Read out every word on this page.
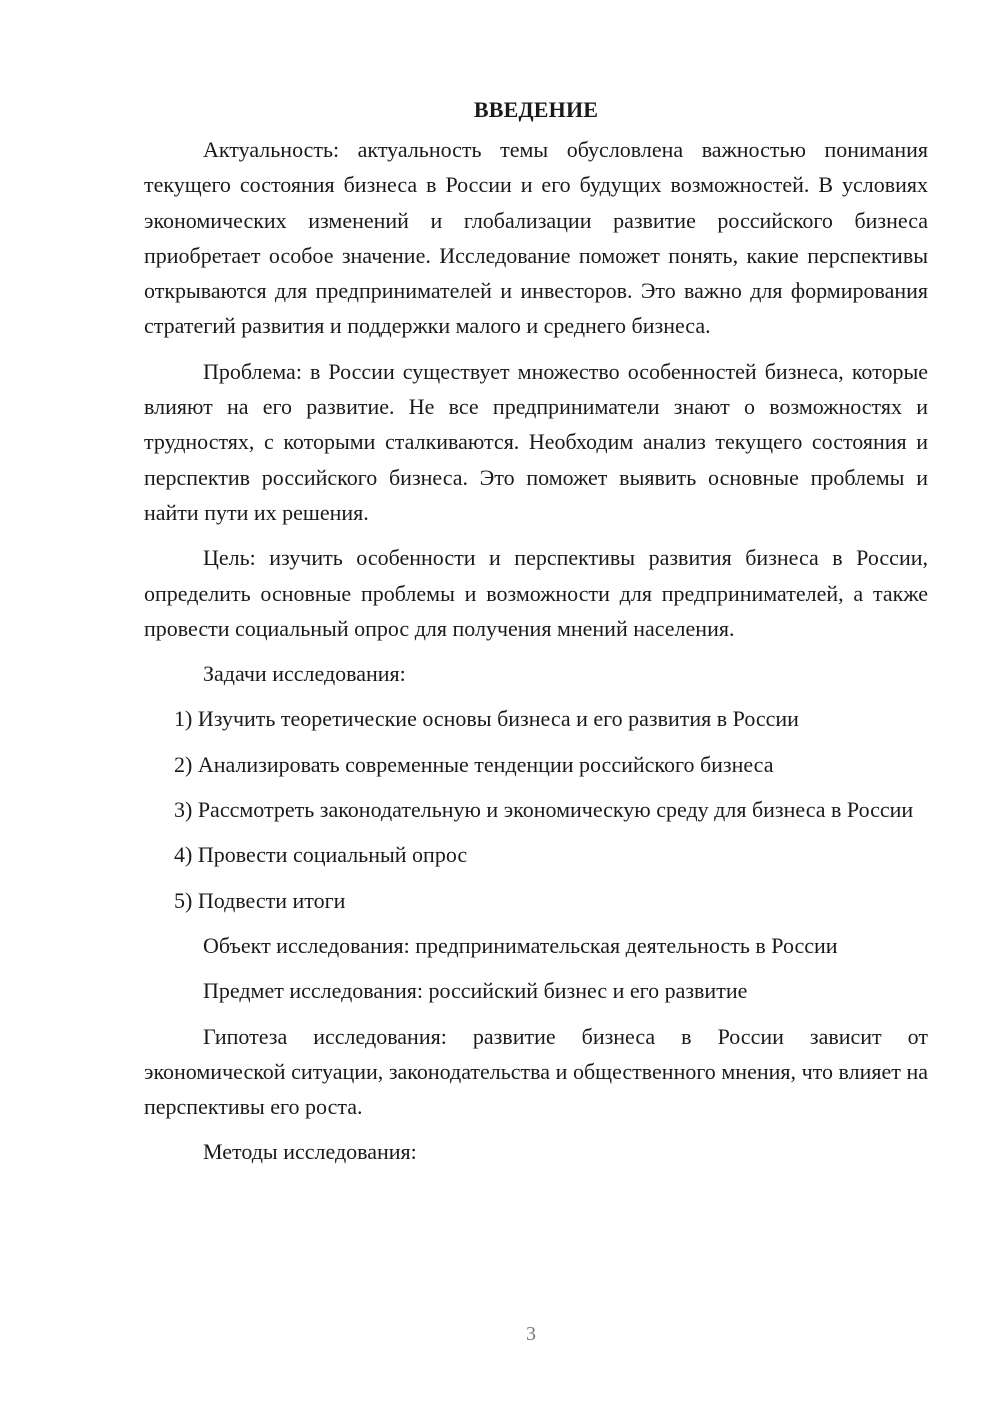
ВВЕДЕНИЕ

Актуальность: актуальность темы обусловлена важностью понимания текущего состояния бизнеса в России и его будущих возможностей. В условиях экономических изменений и глобализации развитие российского бизнеса приобретает особое значение. Исследование поможет понять, какие перспективы открываются для предпринимателей и инвесторов. Это важно для формирования стратегий развития и поддержки малого и среднего бизнеса.

Проблема: в России существует множество особенностей бизнеса, которые влияют на его развитие. Не все предприниматели знают о возможностях и трудностях, с которыми сталкиваются. Необходим анализ текущего состояния и перспектив российского бизнеса. Это поможет выявить основные проблемы и найти пути их решения.

Цель: изучить особенности и перспективы развития бизнеса в России, определить основные проблемы и возможности для предпринимателей, а также провести социальный опрос для получения мнений населения.

Задачи исследования:

1) Изучить теоретические основы бизнеса и его развития в России

2) Анализировать современные тенденции российского бизнеса

3) Рассмотреть законодательную и экономическую среду для бизнеса в России

4) Провести социальный опрос

5) Подвести итоги

Объект исследования: предпринимательская деятельность в России

Предмет исследования: российский бизнес и его развитие

Гипотеза исследования: развитие бизнеса в России зависит от экономической ситуации, законодательства и общественного мнения, что влияет на перспективы его роста.

Методы исследования:

3
